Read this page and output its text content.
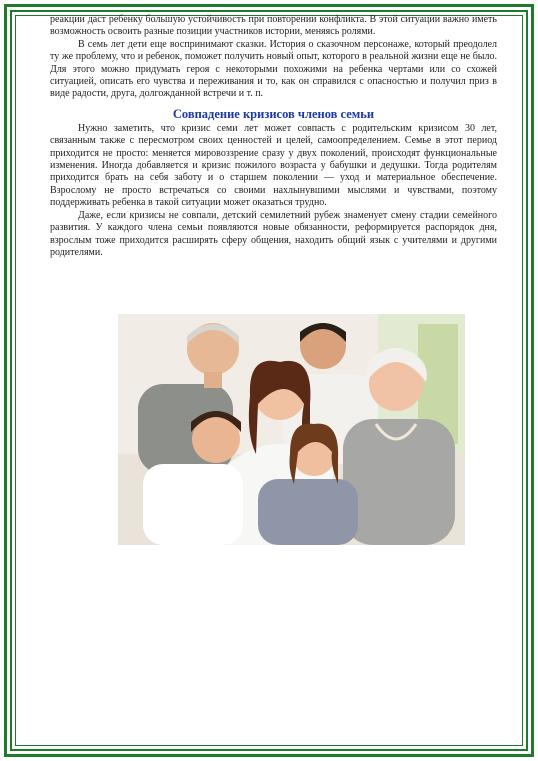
реакции даст ребенку большую устойчивость при повторении конфликта. В этой ситуации важно иметь возможность освоить разные позиции участников истории, меняясь ролями.

В семь лет дети еще воспринимают сказки. История о сказочном персонаже, который преодолел ту же проблему, что и ребенок, поможет получить новый опыт, которого в реальной жизни еще не было. Для этого можно придумать героя с некоторыми похожими на ребенка чертами или со схожей ситуацией, описать его чувства и переживания и то, как он справился с опасностью и получил приз в виде радости, друга, долгожданной встречи и т. п.

Совпадение кризисов членов семьи

Нужно заметить, что кризис семи лет может совпасть с родительским кризисом 30 лет, связанным также с пересмотром своих ценностей и целей, самоопределением. Семье в этот период приходится не просто: меняется мировоззрение сразу у двух поколений, происходят функциональные изменения. Иногда добавляется и кризис пожилого возраста у бабушки и дедушки. Тогда родителям приходится брать на себя заботу и о старшем поколении — уход и материальное обеспечение. Взрослому не просто встречаться со своими нахлынувшими мыслями и чувствами, поэтому поддерживать ребенка в такой ситуации может оказаться трудно.

Даже, если кризисы не совпали, детский семилетний рубеж знаменует смену стадии семейного развития. У каждого члена семьи появляются новые обязанности, реформируется распорядок дня, взрослым тоже приходится расширять сферу общения, находить общий язык с учителями и другими родителями.
